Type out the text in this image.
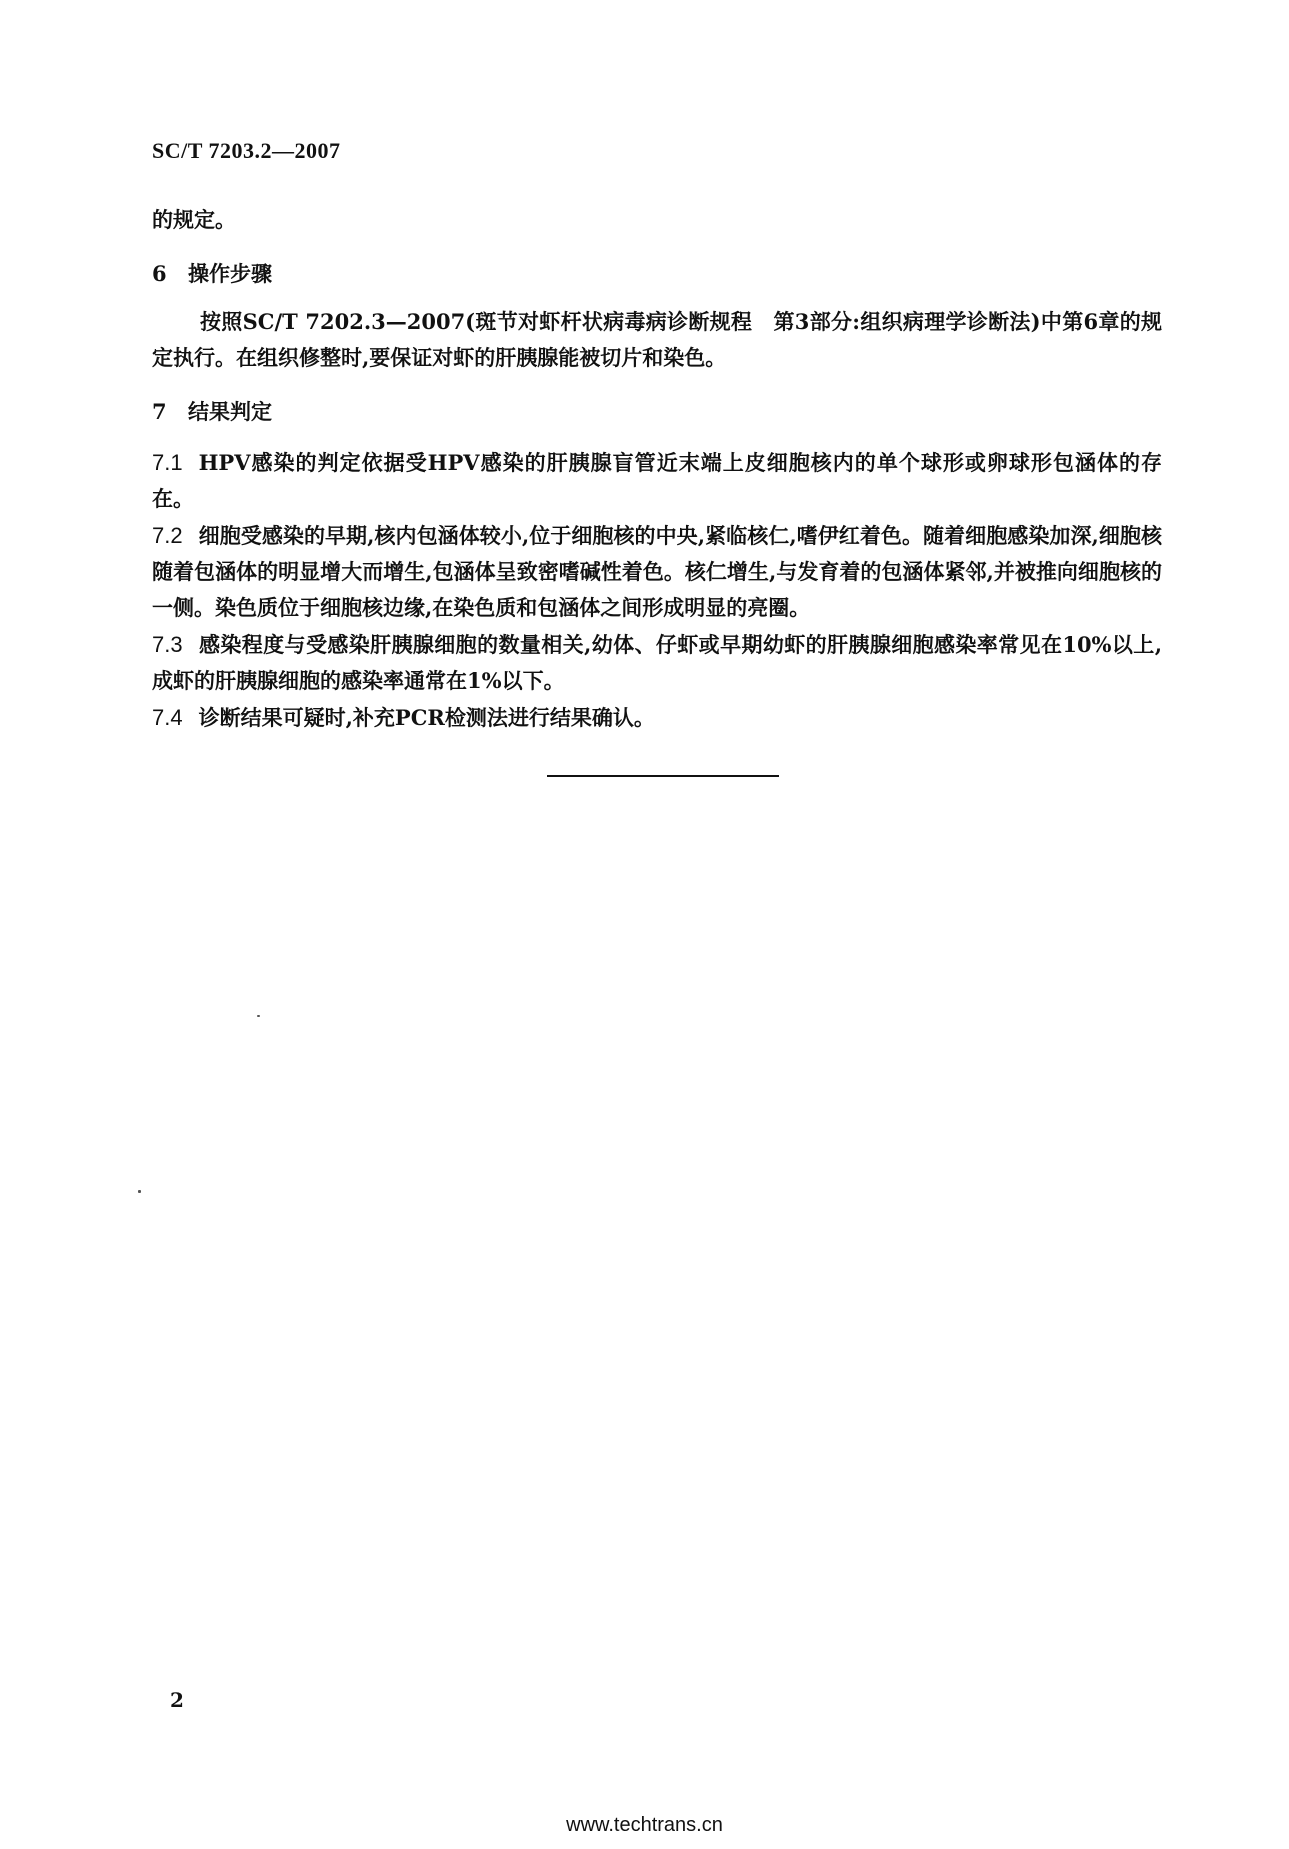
SC/T 7203.2—2007
的规定。
6 操作步骤
按照SC/T 7202.3—2007(斑节对虾杆状病毒病诊断规程　第3部分:组织病理学诊断法)中第6章的规定执行。在组织修整时,要保证对虾的肝胰腺能被切片和染色。
7 结果判定
7.1 HPV感染的判定依据受HPV感染的肝胰腺盲管近末端上皮细胞核内的单个球形或卵球形包涵体的存在。
7.2 细胞受感染的早期,核内包涵体较小,位于细胞核的中央,紧临核仁,嗜伊红着色。随着细胞感染加深,细胞核随着包涵体的明显增大而增生,包涵体呈致密嗜碱性着色。核仁增生,与发育着的包涵体紧邻,并被推向细胞核的一侧。染色质位于细胞核边缘,在染色质和包涵体之间形成明显的亮圈。
7.3 感染程度与受感染肝胰腺细胞的数量相关,幼体、仔虾或早期幼虾的肝胰腺细胞感染率常见在10%以上,成虾的肝胰腺细胞的感染率通常在1%以下。
7.4 诊断结果可疑时,补充PCR检测法进行结果确认。
2
www.techtrans.cn
